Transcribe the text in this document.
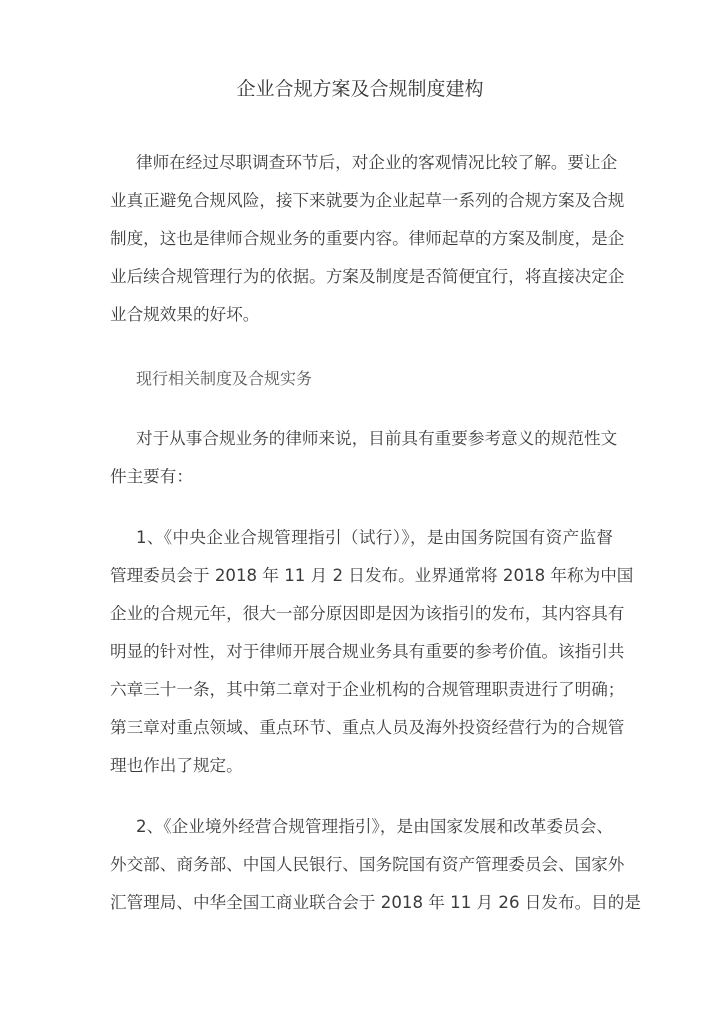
企业合规方案及合规制度建构
律师在经过尽职调查环节后，对企业的客观情况比较了解。要让企
业真正避免合规风险，接下来就要为企业起草一系列的合规方案及合规
制度，这也是律师合规业务的重要内容。律师起草的方案及制度，是企
业后续合规管理行为的依据。方案及制度是否简便宜行，将直接决定企
业合规效果的好坏。
现行相关制度及合规实务
对于从事合规业务的律师来说，目前具有重要参考意义的规范性文
件主要有：
1、《中央企业合规管理指引（试行）》，是由国务院国有资产监督
管理委员会于 2018 年 11 月 2 日发布。业界通常将 2018 年称为中国
企业的合规元年，很大一部分原因即是因为该指引的发布，其内容具有
明显的针对性，对于律师开展合规业务具有重要的参考价值。该指引共
六章三十一条，其中第二章对于企业机构的合规管理职责进行了明确；
第三章对重点领域、重点环节、重点人员及海外投资经营行为的合规管
理也作出了规定。
2、《企业境外经营合规管理指引》，是由国家发展和改革委员会、
外交部、商务部、中国人民银行、国务院国有资产管理委员会、国家外
汇管理局、中华全国工商业联合会于 2018 年 11 月 26 日发布。目的是
